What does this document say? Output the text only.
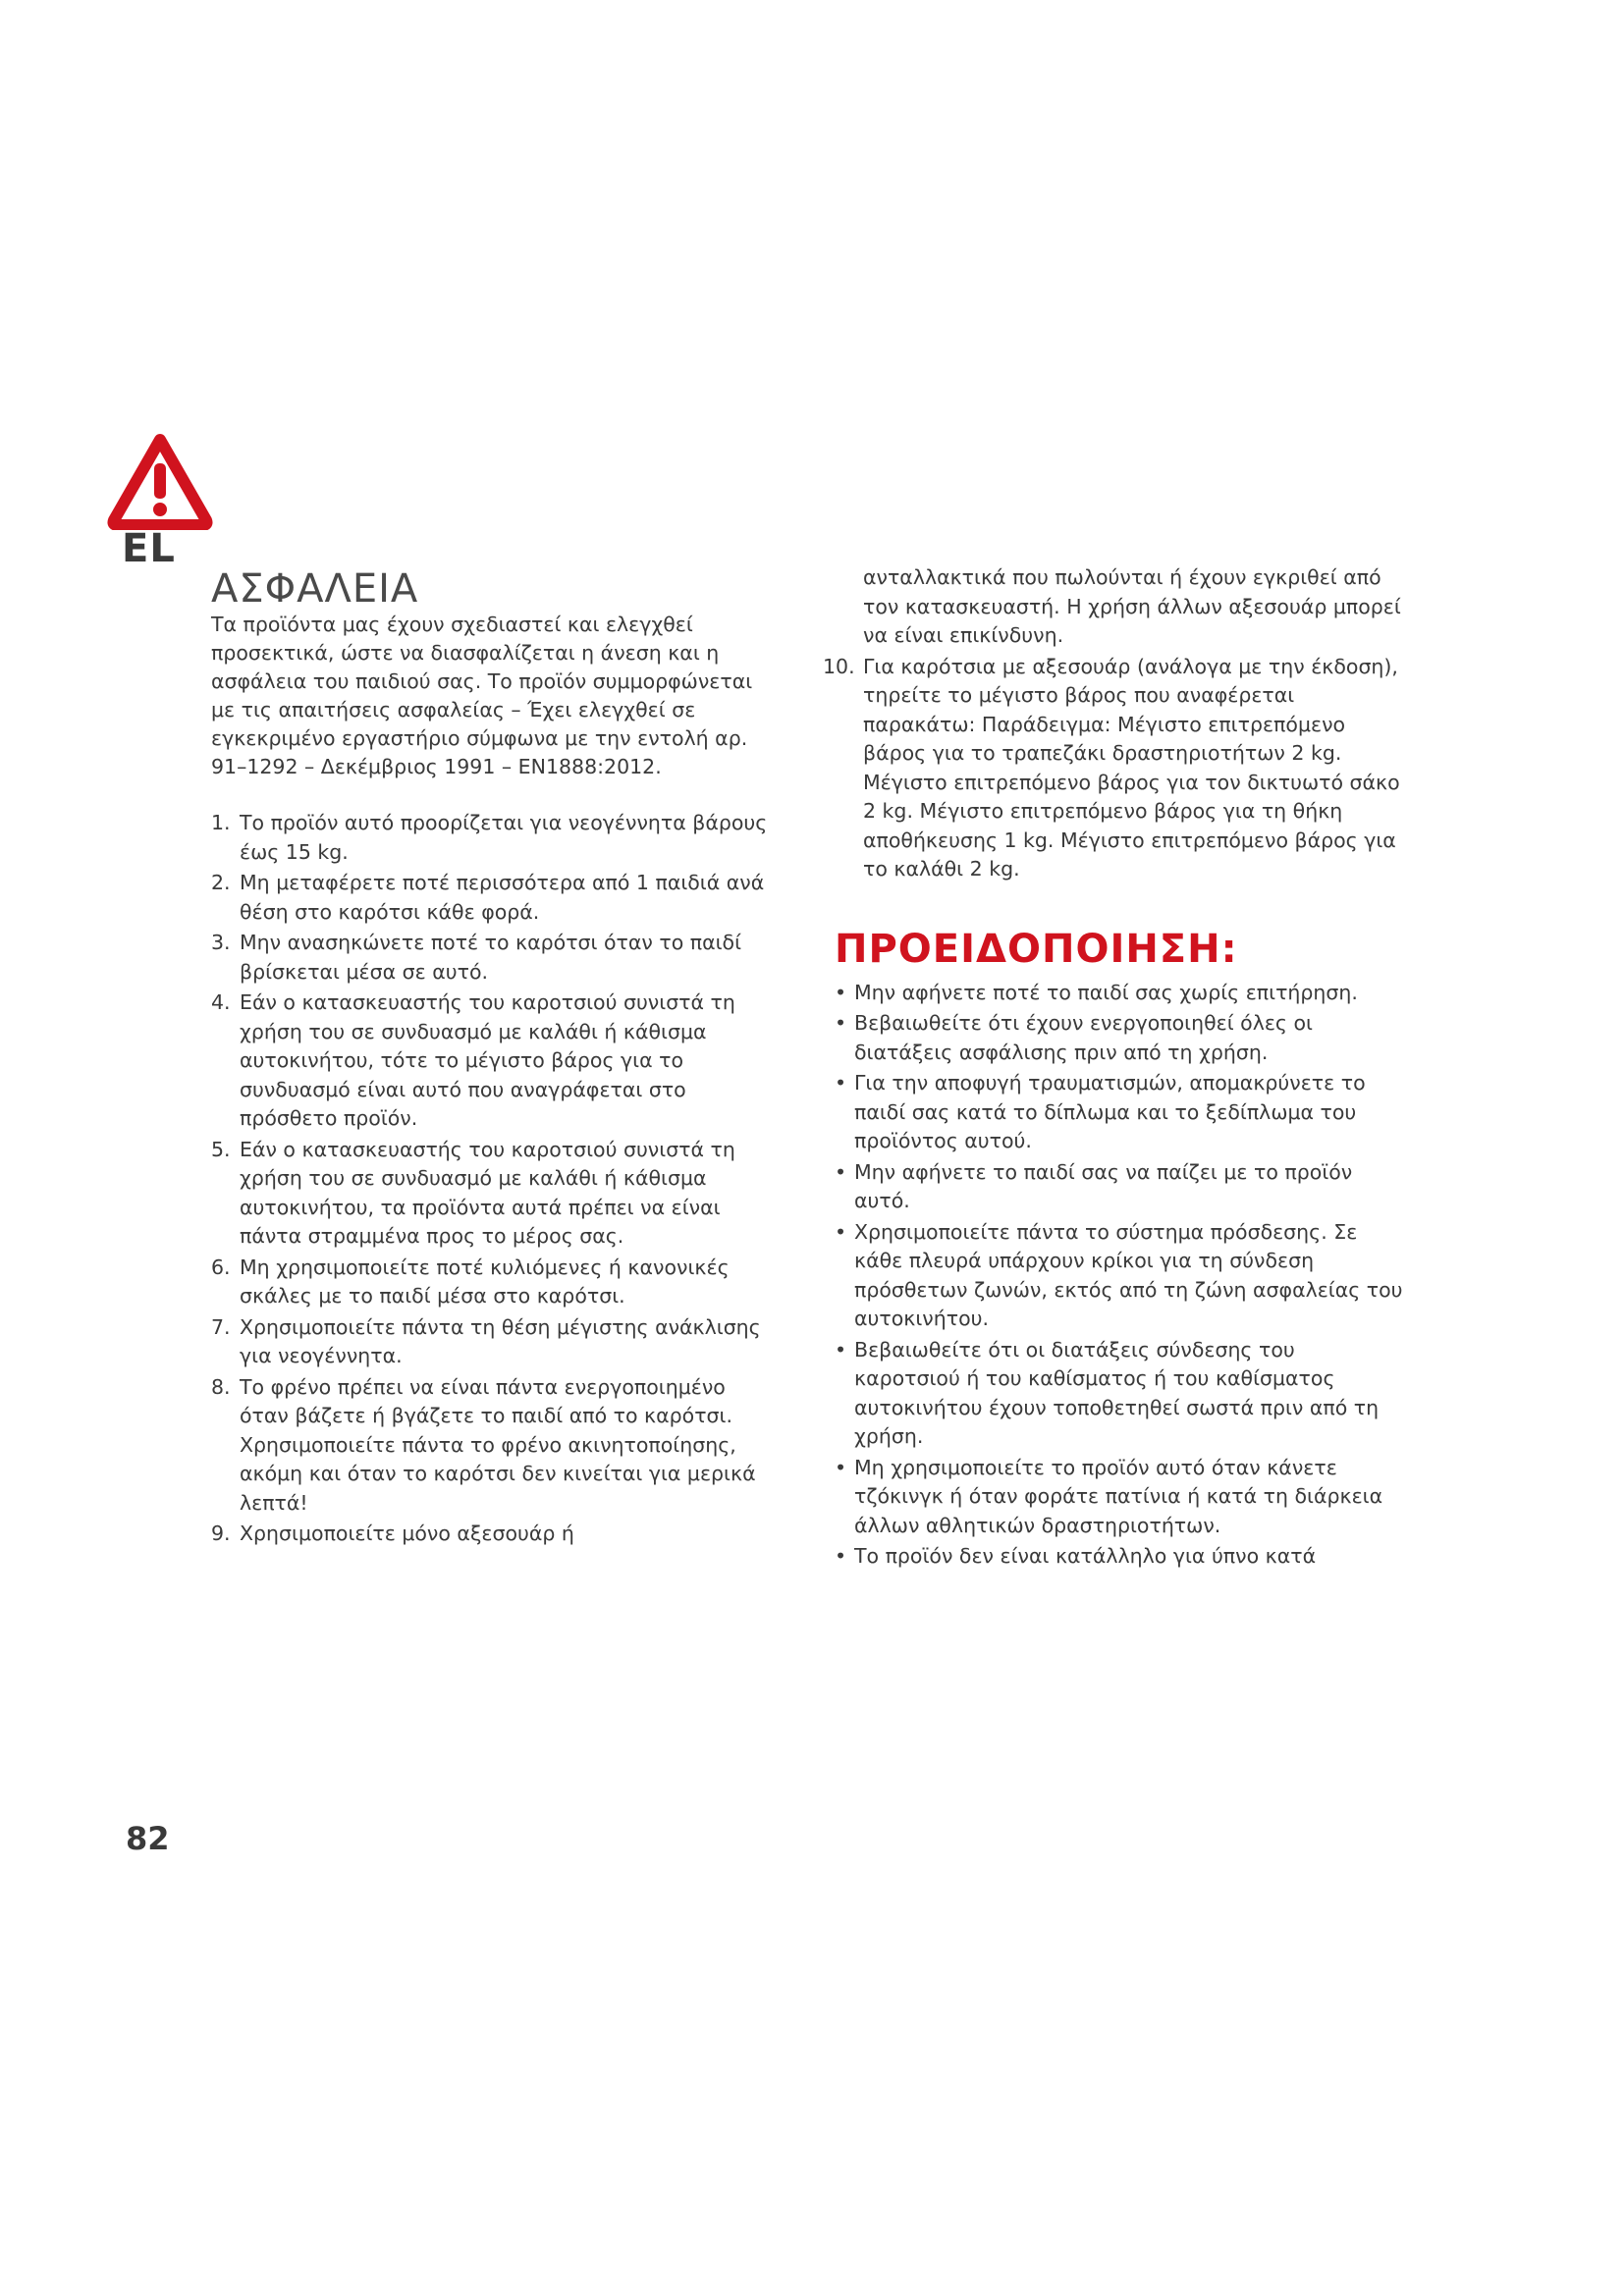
EL
ΑΣΦΑΛΕΙΑ

Τα προϊόντα μας έχουν σχεδιαστεί και ελεγχθεί προσεκτικά, ώστε να διασφαλίζεται η άνεση και η ασφάλεια του παιδιού σας. Το προϊόν συμμορφώνεται με τις απαιτήσεις ασφαλείας – Έχει ελεγχθεί σε εγκεκριμένο εργαστήριο σύμφωνα με την εντολή αρ. 91–1292 – Δεκέμβριος 1991 – EN1888:2012.

1. Το προϊόν αυτό προορίζεται για νεογέννητα βάρους έως 15 kg.
2. Μη μεταφέρετε ποτέ περισσότερα από 1 παιδιά ανά θέση στο καρότσι κάθε φορά.
3. Μην ανασηκώνετε ποτέ το καρότσι όταν το παιδί βρίσκεται μέσα σε αυτό.
4. Εάν ο κατασκευαστής του καροτσιού συνιστά τη χρήση του σε συνδυασμό με καλάθι ή κάθισμα αυτοκινήτου, τότε το μέγιστο βάρος για το συνδυασμό είναι αυτό που αναγράφεται στο πρόσθετο προϊόν.
5. Εάν ο κατασκευαστής του καροτσιού συνιστά τη χρήση του σε συνδυασμό με καλάθι ή κάθισμα αυτοκινήτου, τα προϊόντα αυτά πρέπει να είναι πάντα στραμμένα προς το μέρος σας.
6. Μη χρησιμοποιείτε ποτέ κυλιόμενες ή κανονικές σκάλες με το παιδί μέσα στο καρότσι.
7. Χρησιμοποιείτε πάντα τη θέση μέγιστης ανάκλισης για νεογέννητα.
8. Το φρένο πρέπει να είναι πάντα ενεργοποιημένο όταν βάζετε ή βγάζετε το παιδί από το καρότσι. Χρησιμοποιείτε πάντα το φρένο ακινητοποίησης, ακόμη και όταν το καρότσι δεν κινείται για μερικά λεπτά!
9. Χρησιμοποιείτε μόνο αξεσουάρ ή

ανταλλακτικά που πωλούνται ή έχουν εγκριθεί από τον κατασκευαστή. Η χρήση άλλων αξεσουάρ μπορεί να είναι επικίνδυνη.

10. Για καρότσια με αξεσουάρ (ανάλογα με την έκδοση), τηρείτε το μέγιστο βάρος που αναφέρεται παρακάτω: Παράδειγμα: Μέγιστο επιτρεπόμενο βάρος για το τραπεζάκι δραστηριοτήτων 2 kg. Μέγιστο επιτρεπόμενο βάρος για τον δικτυωτό σάκο 2 kg. Μέγιστο επιτρεπόμενο βάρος για τη θήκη αποθήκευσης 1 kg. Μέγιστο επιτρεπόμενο βάρος για το καλάθι 2 kg.
ΠΡΟΕΙΔΟΠΟΙΗΣΗ:
• Μην αφήνετε ποτέ το παιδί σας χωρίς επιτήρηση.
• Βεβαιωθείτε ότι έχουν ενεργοποιηθεί όλες οι διατάξεις ασφάλισης πριν από τη χρήση.
• Για την αποφυγή τραυματισμών, απομακρύνετε το παιδί σας κατά το δίπλωμα και το ξεδίπλωμα του προϊόντος αυτού.
• Μην αφήνετε το παιδί σας να παίζει με το προϊόν αυτό.
• Χρησιμοποιείτε πάντα το σύστημα πρόσδεσης. Σε κάθε πλευρά υπάρχουν κρίκοι για τη σύνδεση πρόσθετων ζωνών, εκτός από τη ζώνη ασφαλείας του αυτοκινήτου.
• Βεβαιωθείτε ότι οι διατάξεις σύνδεσης του καροτσιού ή του καθίσματος ή του καθίσματος αυτοκινήτου έχουν τοποθετηθεί σωστά πριν από τη χρήση.
• Μη χρησιμοποιείτε το προϊόν αυτό όταν κάνετε τζόκινγκ ή όταν φοράτε πατίνια ή κατά τη διάρκεια άλλων αθλητικών δραστηριοτήτων.
• Το προϊόν δεν είναι κατάλληλο για ύπνο κατά
82
